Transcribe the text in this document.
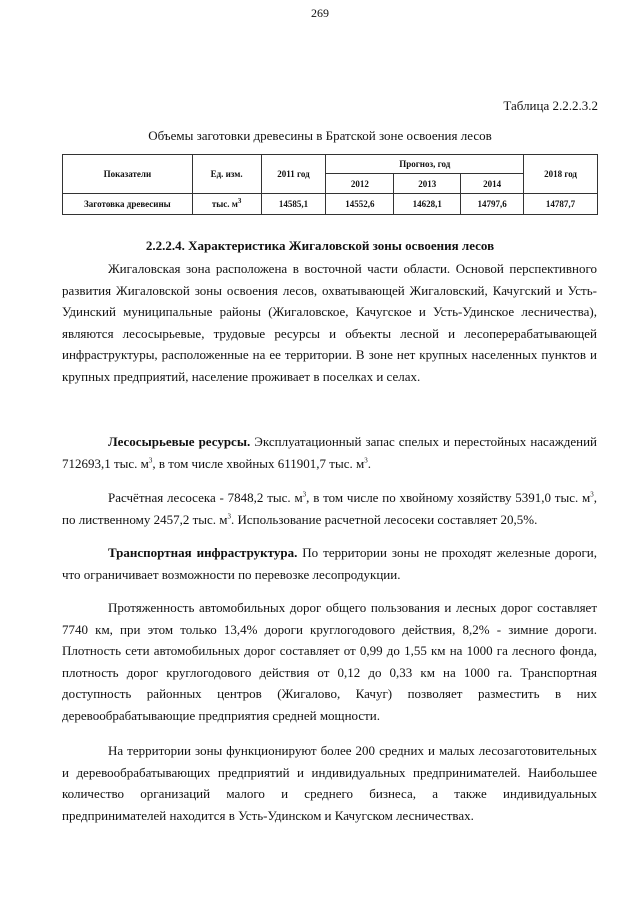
269
Таблица 2.2.2.3.2
Объемы заготовки древесины в Братской зоне освоения лесов
Показатели	Ед. изм.	2011 год	Прогноз, год			2018 год
			2012	2013	2014	
Заготовка древесины	тыс. $м^3$	14585,1	14552,6	14628,1	14797,6	14787,7
2.2.2.4. Характеристика Жигаловской зоны освоения лесов

Жигаловская зона расположена в восточной части области. Основой перспективного развития Жигаловской зоны освоения лесов, охватывающей Жигаловский, Качугский и Усть-Удинский муниципальные районы (Жигаловское, Качугское и Усть-Удинское лесничества), являются лесосырьевые, трудовые ресурсы и объекты лесной и лесоперерабатывающей инфраструктуры, расположенные на ее территории. В зоне нет крупных населенных пунктов и крупных предприятий, население проживает в поселках и селах.

Лесосырьевые ресурсы. Эксплуатационный запас спелых и перестойных насаждений 712693,1 тыс. $м^3$, в том числе хвойных 611901,7 тыс. $м^3$.

Расчётная лесосека - 7848,2 тыс. $м^3$, в том числе по хвойному хозяйству 5391,0 тыс. $м^3$, по лиственному 2457,2 тыс. $м^3$. Использование расчетной лесосеки составляет 20,5%.

Транспортная инфраструктура. По территории зоны не проходят железные дороги, что ограничивает возможности по перевозке лесопродукции.

Протяженность автомобильных дорог общего пользования и лесных дорог составляет 7740 км, при этом только 13,4% дороги круглогодового действия, 8,2% - зимние дороги. Плотность сети автомобильных дорог составляет от 0,99 до 1,55 км на 1000 га лесного фонда, плотность дорог круглогодового действия от 0,12 до 0,33 км на 1000 га. Транспортная доступность районных центров (Жигалово, Качуг) позволяет разместить в них деревообрабатывающие предприятия средней мощности.

На территории зоны функционируют более 200 средних и малых лесозаготовительных и деревообрабатывающих предприятий и индивидуальных предпринимателей. Наибольшее количество организаций малого и среднего бизнеса, а также индивидуальных предпринимателей находится в Усть-Удинском и Качугском лесничествах.
